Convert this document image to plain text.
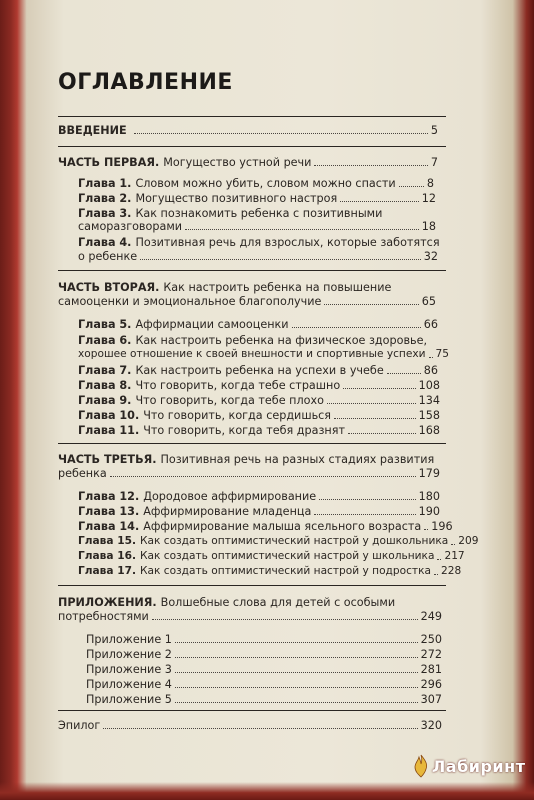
ОГЛАВЛЕНИЕ
ВВЕДЕНИЕ	5
ЧАСТЬ ПЕРВАЯ. Могущество устной речи	7
Глава 1. Словом можно убить, словом можно спасти	8
Глава 2. Могущество позитивного настроя	12
Глава 3. Как познакомить ребенка с позитивными
саморазговорами	18
Глава 4. Позитивная речь для взрослых, которые заботятся
о ребенке	32
ЧАСТЬ ВТОРАЯ. Как настроить ребенка на повышение
самооценки и эмоциональное благополучие	65
Глава 5. Аффирмации самооценки	66
Глава 6. Как настроить ребенка на физическое здоровье,
хорошее отношение к своей внешности и спортивные успехи 75
Глава 7. Как настроить ребенка на успехи в учебе	86
Глава 8. Что говорить, когда тебе страшно	108
Глава 9. Что говорить, когда тебе плохо	134
Глава 10. Что говорить, когда сердишься	158
Глава 11. Что говорить, когда тебя дразнят	168
ЧАСТЬ ТРЕТЬЯ. Позитивная речь на разных стадиях развития
ребенка	179
Глава 12. Дородовое аффирмирование	180
Глава 13. Аффирмирование младенца	190
Глава 14. Аффирмирование малыша ясельного возраста 196
Глава 15. Как создать оптимистический настрой у дошкольника 209
Глава 16. Как создать оптимистический настрой у школьника 217
Глава 17. Как создать оптимистический настрой у подростка 228
ПРИЛОЖЕНИЯ. Волшебные слова для детей с особыми
потребностями	249
Приложение 1	250
Приложение 2	272
Приложение 3	281
Приложение 4	296
Приложение 5	307
Эпилог	320
Лабиринт
